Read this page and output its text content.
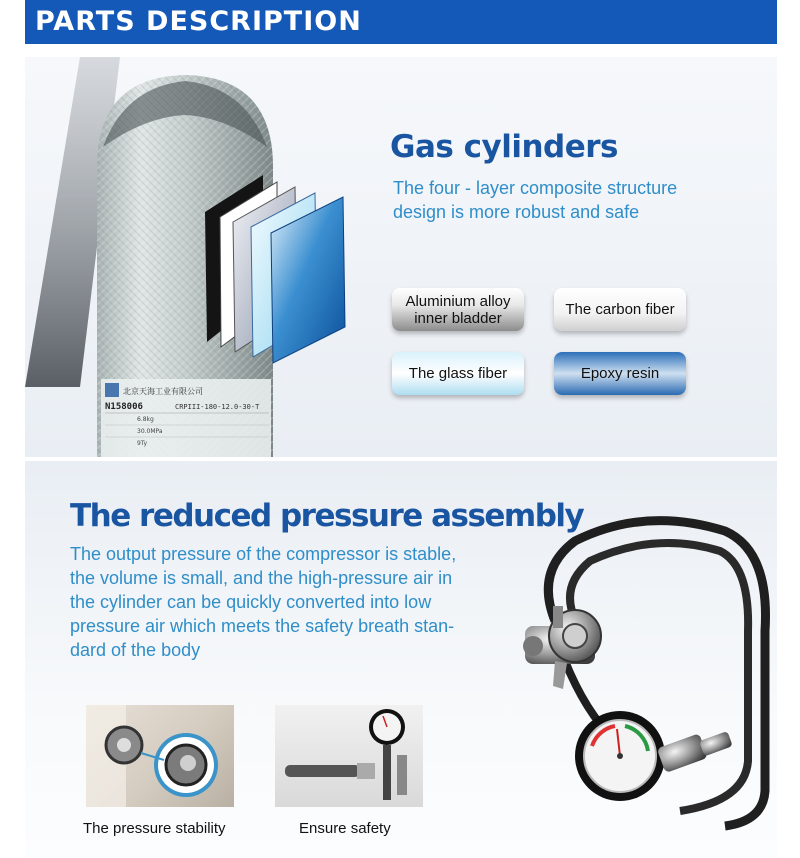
PARTS DESCRIPTION
北京天海工业有限公司
N158006	CRPIII-180-12.0-30-T
6.8kg
30.0MPa
9Ty
Gas cylinders
The four - layer composite structure
design is more robust and safe
Aluminium alloy
inner bladder	The carbon fiber
The glass fiber	Epoxy resin
The reduced pressure assembly
The output pressure of the compressor is stable,
the volume is small, and the high-pressure air in
the cylinder can be quickly converted into low
pressure air which meets the safety breath stan-
dard of the body
The pressure stability	Ensure safety
